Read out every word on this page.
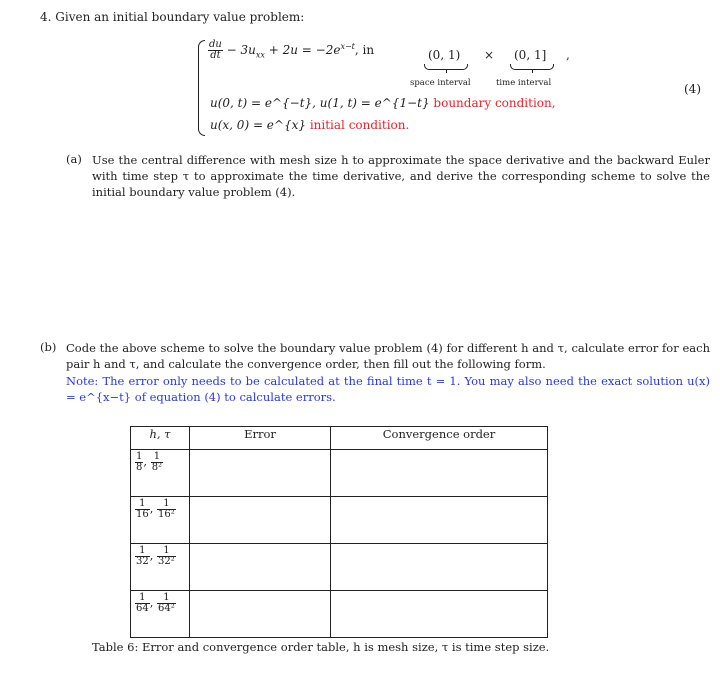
4. Given an initial boundary value problem:
$\frac{du}{dt} - 3u_{xx} + 2u = -2e^{x-t}$, in	(0, 1)
space interval
× (0, 1]
time interval
,
(4)
u(0, t) = e^{−t}, u(1, t) = e^{1−t} boundary condition,
u(x, 0) = e^{x} initial condition.
(a) Use the central difference with mesh size h to approximate the space derivative and the backward Euler with time step τ to approximate the time derivative, and derive the corresponding scheme to solve the initial boundary value problem (4).
(b) Code the above scheme to solve the boundary value problem (4) for different h and τ, calculate error for each pair h and τ, and calculate the convergence order, then fill out the following form.
Note: The error only needs to be calculated at the final time t = 1. You may also need the exact solution u(x) = e^{x−t} of equation (4) to calculate errors.
h, τ	Error	Convergence order

$\frac{1}{8}$ , $\frac{1}{\text{8²}}$

$\frac{1}{16}$ , $\frac{1}{\text{16²}}$

$\frac{1}{32}$ , $\frac{1}{\text{32²}}$

$\frac{1}{64}$ , $\frac{1}{\text{64²}}$

Table 6: Error and convergence order table, h is mesh size, τ is time step size.
